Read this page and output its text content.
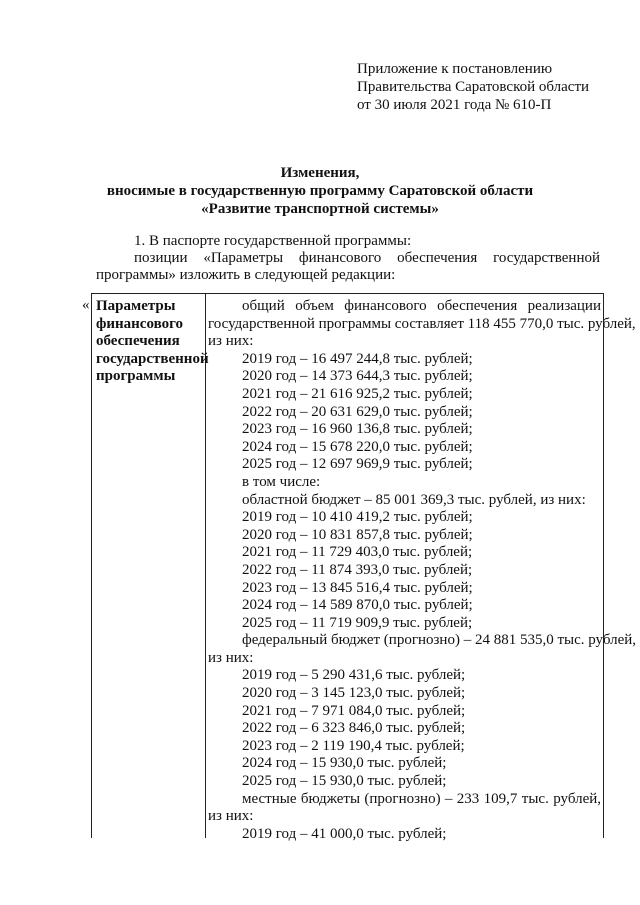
Приложение к постановлению
Правительства Саратовской области
от 30 июля 2021 года № 610-П
Изменения,
вносимые в государственную программу Саратовской области
«Развитие транспортной системы»
1. В паспорте государственной программы:
позиции «Параметры финансового обеспечения государственной
программы» изложить в следующей редакции:
« Параметры
финансового
обеспечения
государственной
программы
общий объем финансового обеспечения реализации
государственной программы составляет 118 455 770,0 тыс. рублей,
из них:
2019 год – 16 497 244,8 тыс. рублей;
2020 год – 14 373 644,3 тыс. рублей;
2021 год – 21 616 925,2 тыс. рублей;
2022 год – 20 631 629,0 тыс. рублей;
2023 год – 16 960 136,8 тыс. рублей;
2024 год – 15 678 220,0 тыс. рублей;
2025 год – 12 697 969,9 тыс. рублей;
в том числе:
областной бюджет – 85 001 369,3 тыс. рублей, из них:
2019 год – 10 410 419,2 тыс. рублей;
2020 год – 10 831 857,8 тыс. рублей;
2021 год – 11 729 403,0 тыс. рублей;
2022 год – 11 874 393,0 тыс. рублей;
2023 год – 13 845 516,4 тыс. рублей;
2024 год – 14 589 870,0 тыс. рублей;
2025 год – 11 719 909,9 тыс. рублей;
федеральный бюджет (прогнозно) – 24 881 535,0 тыс. рублей,
из них:
2019 год – 5 290 431,6 тыс. рублей;
2020 год – 3 145 123,0 тыс. рублей;
2021 год – 7 971 084,0 тыс. рублей;
2022 год – 6 323 846,0 тыс. рублей;
2023 год – 2 119 190,4 тыс. рублей;
2024 год – 15 930,0 тыс. рублей;
2025 год – 15 930,0 тыс. рублей;
местные бюджеты (прогнозно) – 233 109,7 тыс. рублей,
из них:
2019 год – 41 000,0 тыс. рублей;
